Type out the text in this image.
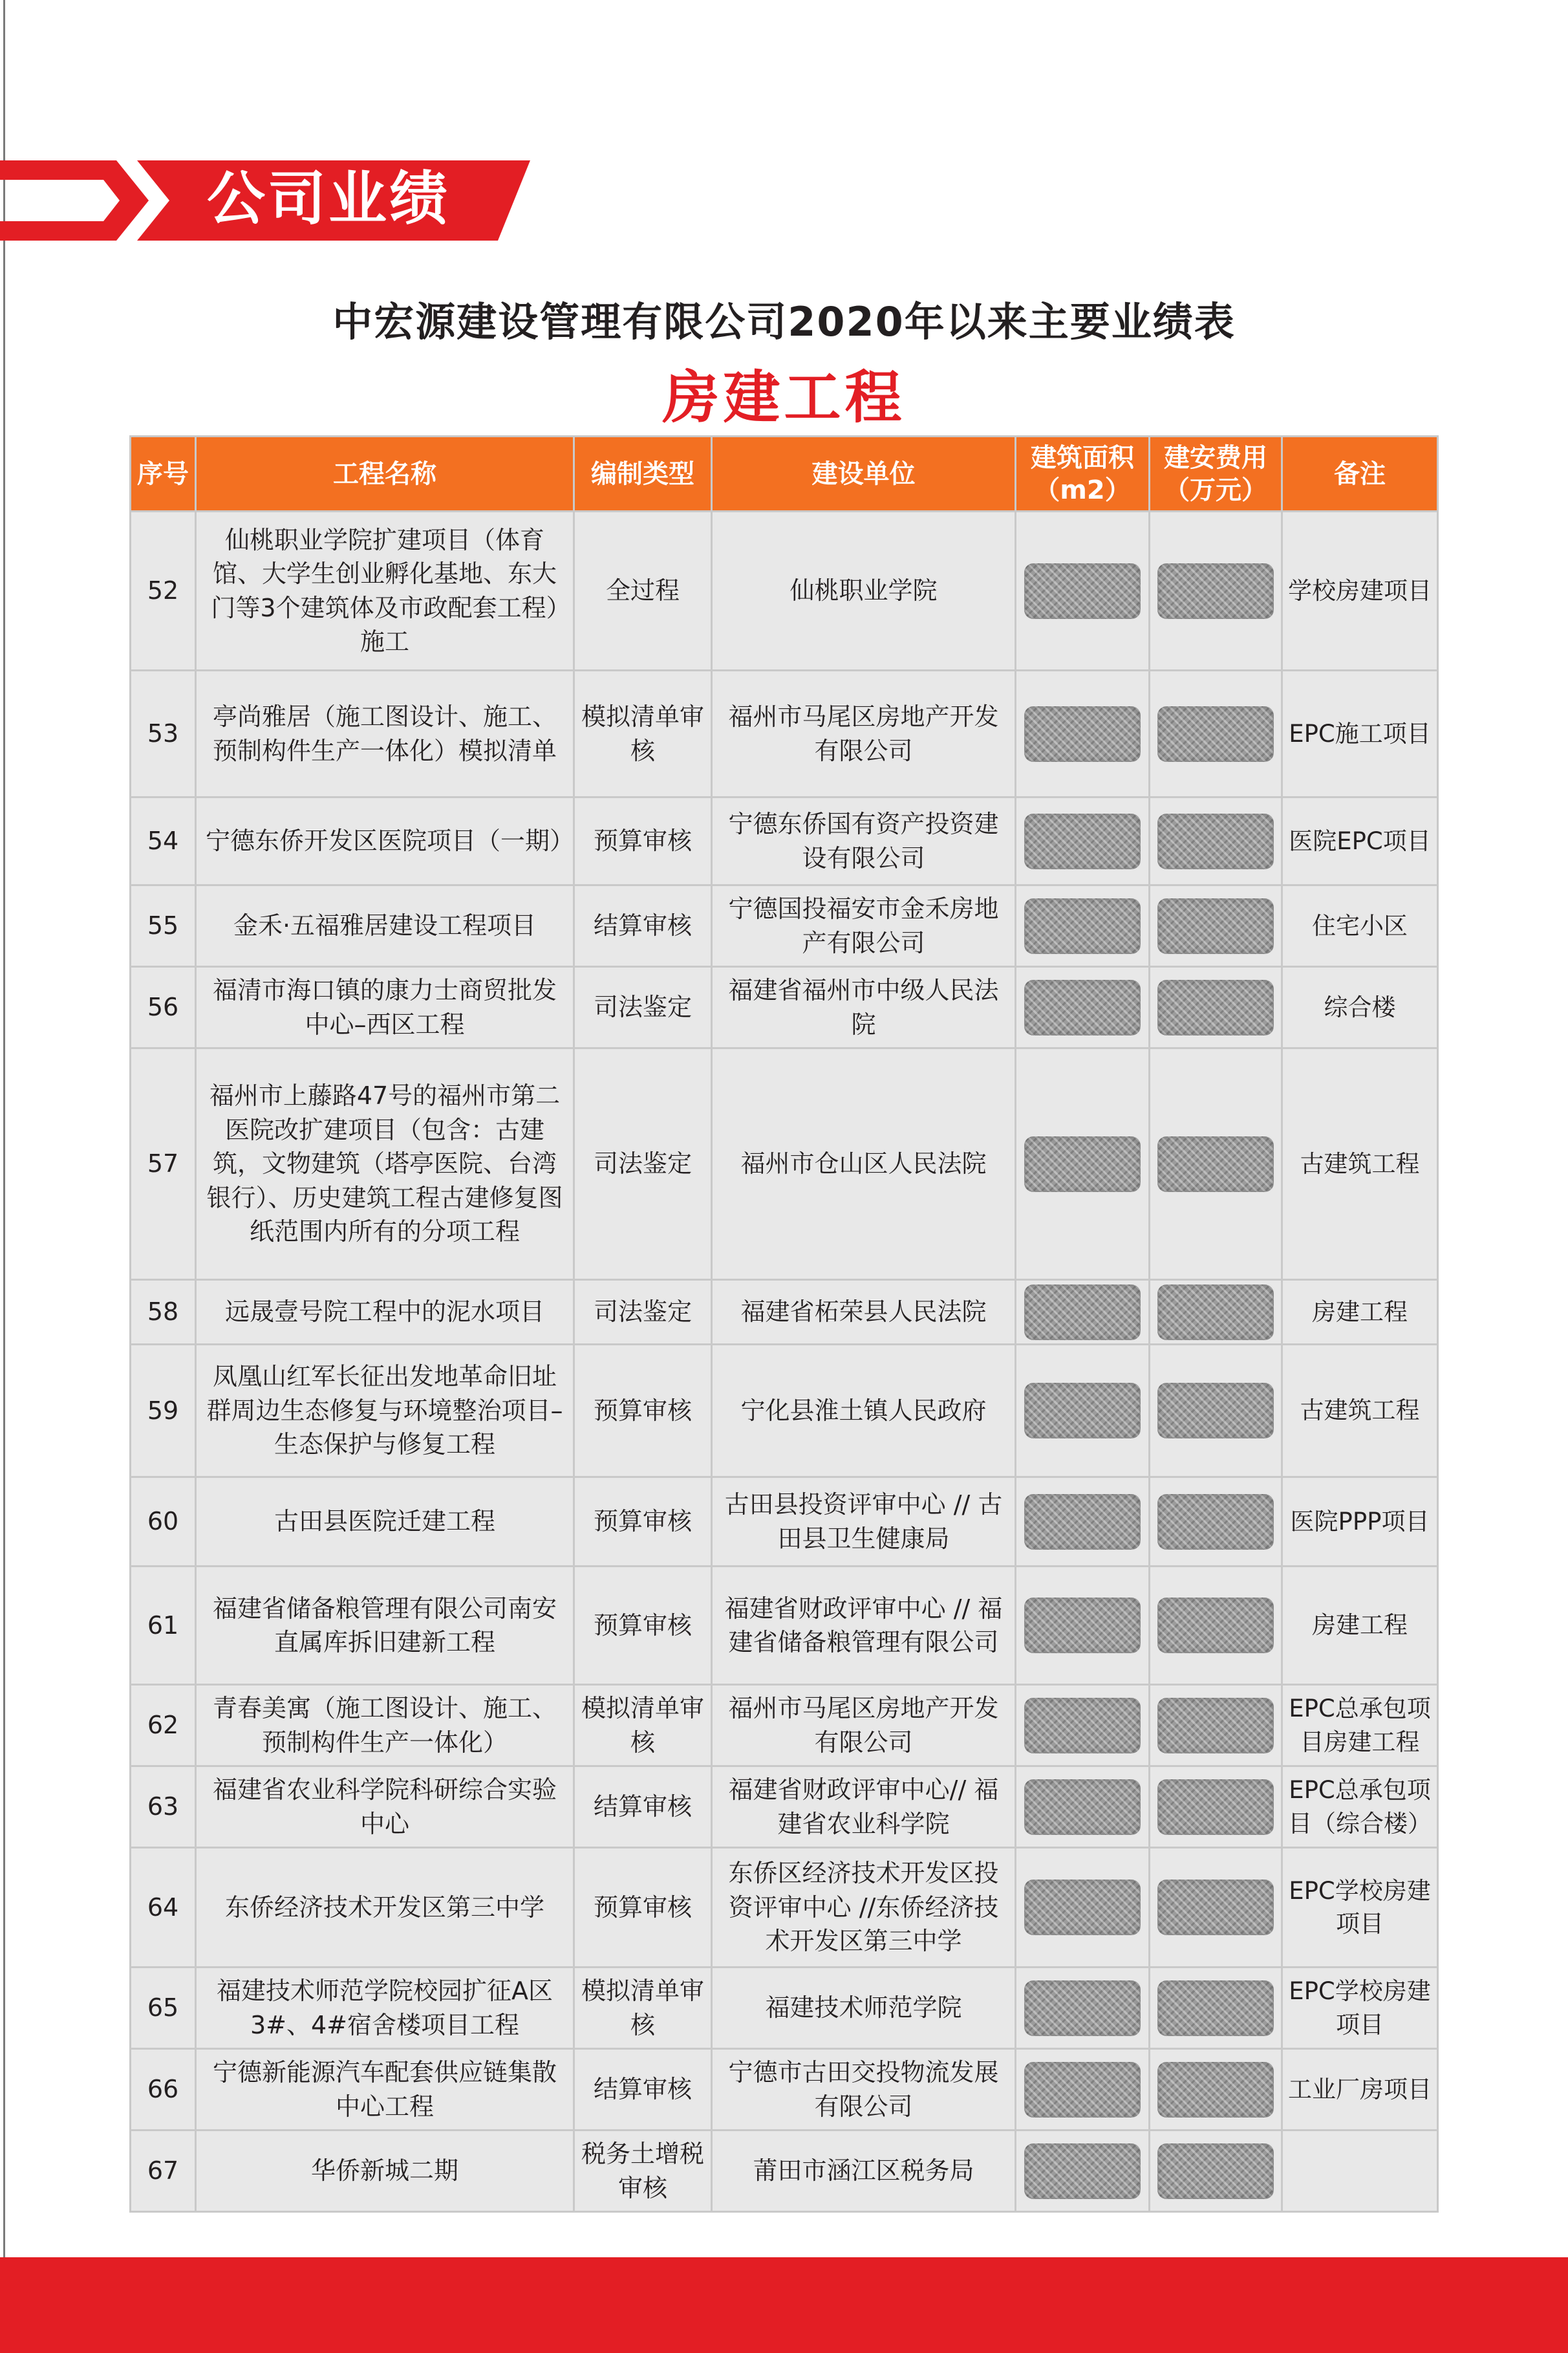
公司业绩
中宏源建设管理有限公司2020年以来主要业绩表
房建工程
序号	工程名称	编制类型	建设单位	建筑面积（m2）	建安费用（万元）	备注
52	仙桃职业学院扩建项目（体育馆、大学生创业孵化基地、东大门等3个建筑体及市政配套工程）施工	全过程	仙桃职业学院			学校房建项目
53	亭尚雅居（施工图设计、施工、预制构件生产一体化）模拟清单	模拟清单审核	福州市马尾区房地产开发有限公司			EPC施工项目
54	宁德东侨开发区医院项目（一期）	预算审核	宁德东侨国有资产投资建设有限公司			医院EPC项目
55	金禾·五福雅居建设工程项目	结算审核	宁德国投福安市金禾房地产有限公司			住宅小区
56	福清市海口镇的康力士商贸批发中心–西区工程	司法鉴定	福建省福州市中级人民法院			综合楼
57	福州市上藤路47号的福州市第二医院改扩建项目（包含：古建筑，文物建筑（塔亭医院、台湾银行）、历史建筑工程古建修复图纸范围内所有的分项工程	司法鉴定	福州市仓山区人民法院			古建筑工程
58	远晟壹号院工程中的泥水项目	司法鉴定	福建省柘荣县人民法院			房建工程
59	凤凰山红军长征出发地革命旧址群周边生态修复与环境整治项目–生态保护与修复工程	预算审核	宁化县淮土镇人民政府			古建筑工程
60	古田县医院迁建工程	预算审核	古田县投资评审中心 // 古田县卫生健康局			医院PPP项目
61	福建省储备粮管理有限公司南安直属库拆旧建新工程	预算审核	福建省财政评审中心 // 福建省储备粮管理有限公司			房建工程
62	青春美寓（施工图设计、施工、预制构件生产一体化）	模拟清单审核	福州市马尾区房地产开发有限公司			EPC总承包项目房建工程
63	福建省农业科学院科研综合实验中心	结算审核	福建省财政评审中心// 福建省农业科学院			EPC总承包项目（综合楼）
64	东侨经济技术开发区第三中学	预算审核	东侨区经济技术开发区投资评审中心 //东侨经济技术开发区第三中学			EPC学校房建项目
65	福建技术师范学院校园扩征A区3#、4#宿舍楼项目工程	模拟清单审核	福建技术师范学院			EPC学校房建项目
66	宁德新能源汽车配套供应链集散中心工程	结算审核	宁德市古田交投物流发展有限公司			工业厂房项目
67	华侨新城二期	税务土增税审核	莆田市涵江区税务局	
